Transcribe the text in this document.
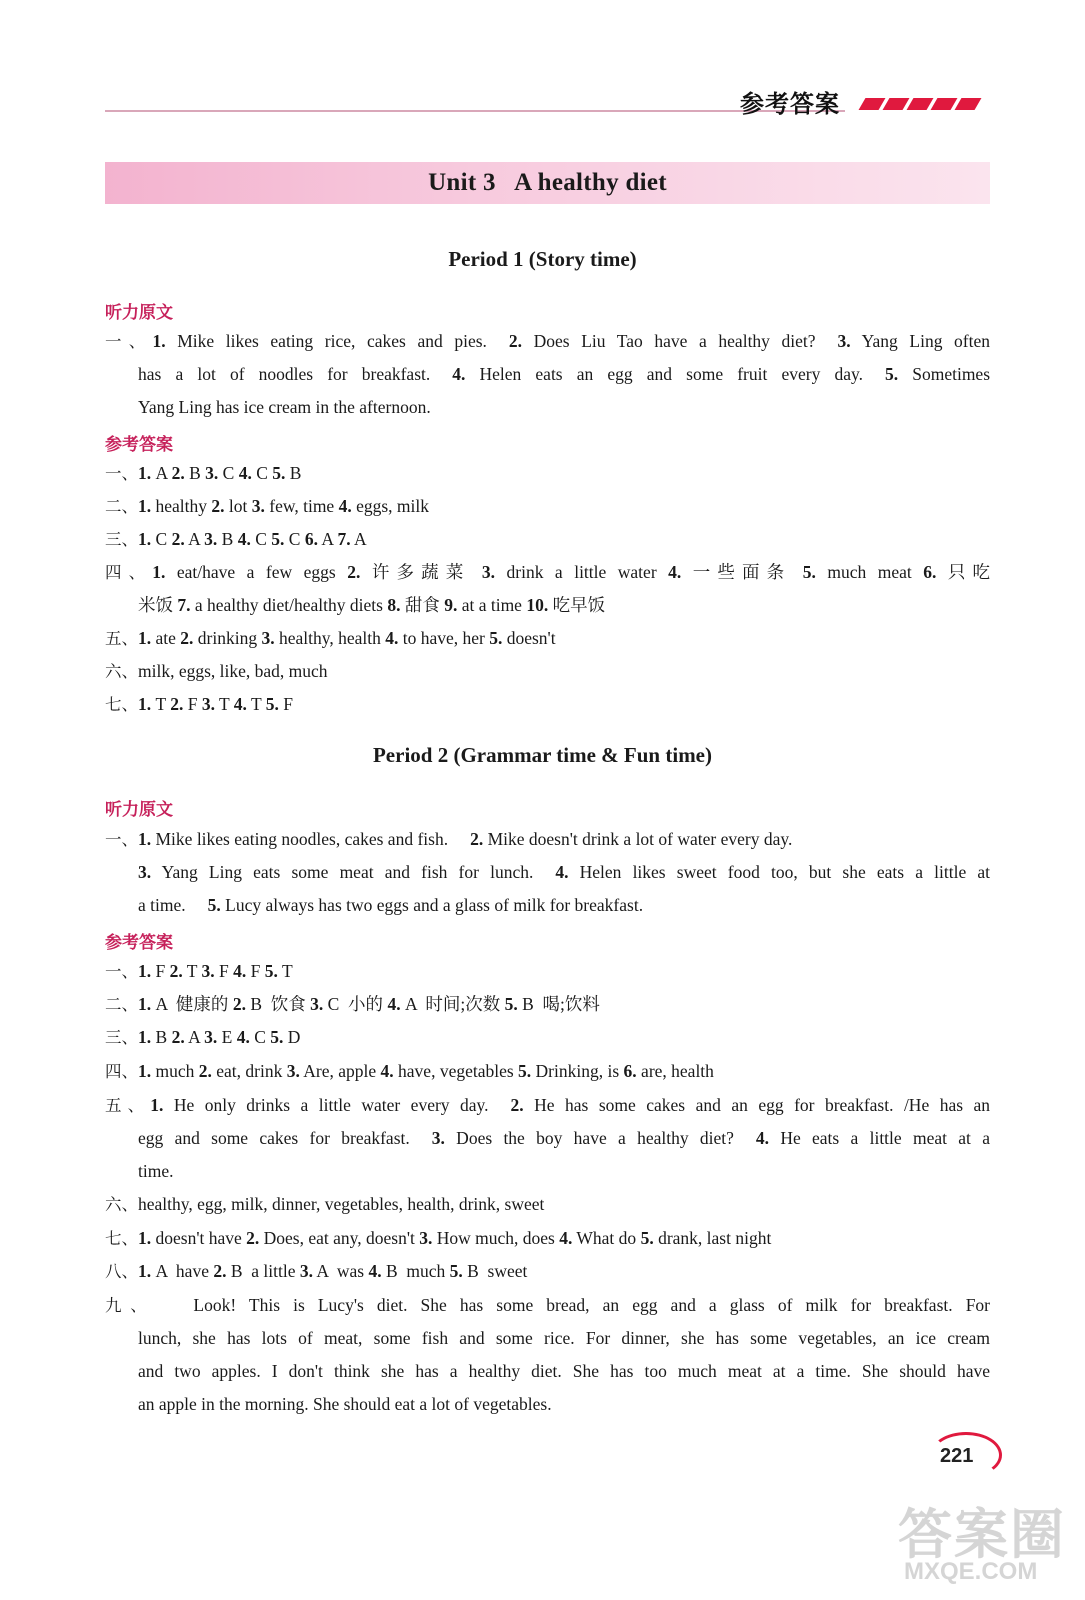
参考答案
Unit 3   A healthy diet
Period 1 (Story time)
听力原文
一、1. Mike likes eating rice, cakes and pies. 2. Does Liu Tao have a healthy diet? 3. Yang Ling often
has a lot of noodles for breakfast. 4. Helen eats an egg and some fruit every day. 5. Sometimes
Yang Ling has ice cream in the afternoon.
参考答案
一、1. A 2. B 3. C 4. C 5. B
二、1. healthy 2. lot 3. few, time 4. eggs, milk
三、1. C 2. A 3. B 4. C 5. C 6. A 7. A
四、1. eat/have a few eggs 2. 许多蔬菜 3. drink a little water 4. 一些面条 5. much meat 6. 只吃
米饭 7. a healthy diet/healthy diets 8. 甜食 9. at a time 10. 吃早饭
五、1. ate 2. drinking 3. healthy, health 4. to have, her 5. doesn't
六、milk, eggs, like, bad, much
七、1. T 2. F 3. T 4. T 5. F
Period 2 (Grammar time & Fun time)
听力原文
一、1. Mike likes eating noodles, cakes and fish. 2. Mike doesn't drink a lot of water every day.
3. Yang Ling eats some meat and fish for lunch. 4. Helen likes sweet food too, but she eats a little at
a time. 5. Lucy always has two eggs and a glass of milk for breakfast.
参考答案
一、1. F 2. T 3. F 4. F 5. T
二、1. A  健康的 2. B  饮食 3. C  小的 4. A  时间;次数 5. B  喝;饮料
三、1. B 2. A 3. E 4. C 5. D
四、1. much 2. eat, drink 3. Are, apple 4. have, vegetables 5. Drinking, is 6. are, health
五、1. He only drinks a little water every day. 2. He has some cakes and an egg for breakfast. /He has an
egg and some cakes for breakfast. 3. Does the boy have a healthy diet? 4. He eats a little meat at a
time.
六、healthy, egg, milk, dinner, vegetables, health, drink, sweet
七、1. doesn't have 2. Does, eat any, doesn't 3. How much, does 4. What do 5. drank, last night
八、1. A  have 2. B  a little 3. A  was 4. B  much 5. B  sweet
九、 Look! This is Lucy's diet. She has some bread, an egg and a glass of milk for breakfast. For
lunch, she has lots of meat, some fish and some rice. For dinner, she has some vegetables, an ice cream
and two apples. I don't think she has a healthy diet. She has too much meat at a time. She should have
an apple in the morning. She should eat a lot of vegetables.
221
答案圈
MXQE.COM
